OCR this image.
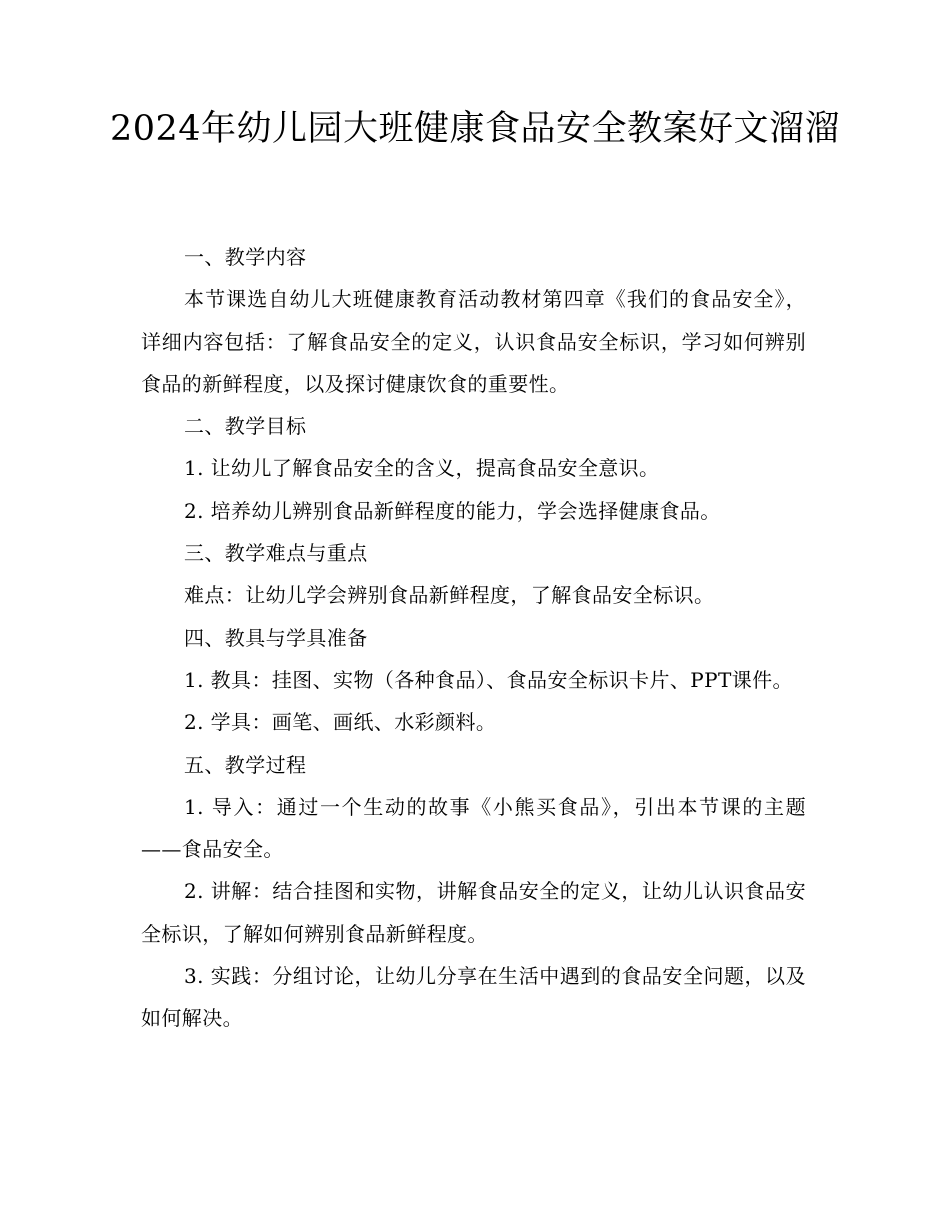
2024年幼儿园大班健康食品安全教案好文溜溜

一、教学内容

本节课选自幼儿大班健康教育活动教材第四章《我们的食品安全》，详细内容包括：了解食品安全的定义，认识食品安全标识，学习如何辨别食品的新鲜程度，以及探讨健康饮食的重要性。

二、教学目标

1. 让幼儿了解食品安全的含义，提高食品安全意识。

2. 培养幼儿辨别食品新鲜程度的能力，学会选择健康食品。

三、教学难点与重点

难点：让幼儿学会辨别食品新鲜程度，了解食品安全标识。

四、教具与学具准备

1. 教具：挂图、实物（各种食品）、食品安全标识卡片、PPT课件。

2. 学具：画笔、画纸、水彩颜料。

五、教学过程

1. 导入：通过一个生动的故事《小熊买食品》，引出本节课的主题——食品安全。

2. 讲解：结合挂图和实物，讲解食品安全的定义，让幼儿认识食品安全标识，了解如何辨别食品新鲜程度。

3. 实践：分组讨论，让幼儿分享在生活中遇到的食品安全问题，以及如何解决。
